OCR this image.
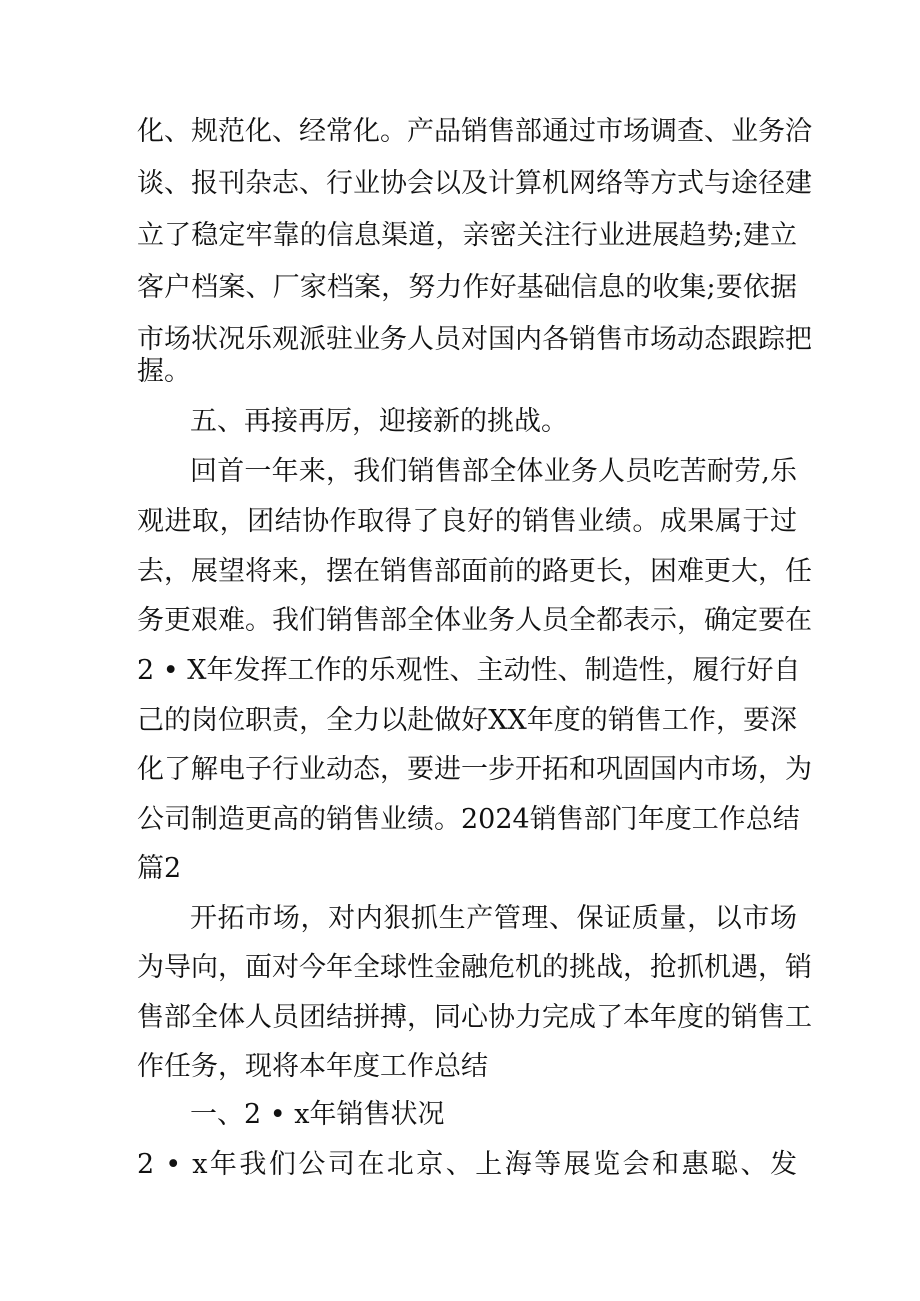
化、规范化、经常化。产品销售部通过市场调查、业务洽
谈、报刊杂志、行业协会以及计算机网络等方式与途径建
立了稳定牢靠的信息渠道，亲密关注行业进展趋势;建立
客户档案、厂家档案，努力作好基础信息的收集;要依据
市场状况乐观派驻业务人员对国内各销售市场动态跟踪把
握。
五、再接再厉，迎接新的挑战。
回首一年来，我们销售部全体业务人员吃苦耐劳,乐
观进取，团结协作取得了良好的销售业绩。成果属于过
去，展望将来，摆在销售部面前的路更长，困难更大，任
务更艰难。我们销售部全体业务人员全都表示，确定要在
2 • X年发挥工作的乐观性、主动性、制造性，履行好自
己的岗位职责，全力以赴做好XX年度的销售工作，要深
化了解电子行业动态，要进一步开拓和巩固国内市场，为
公司制造更高的销售业绩。2024销售部门年度工作总结
篇2
开拓市场，对内狠抓生产管理、保证质量，以市场
为导向，面对今年全球性金融危机的挑战，抢抓机遇，销
售部全体人员团结拼搏，同心协力完成了本年度的销售工
作任务，现将本年度工作总结
一、2 • x年销售状况
2 • x年我们公司在北京、上海等展览会和惠聪、发
